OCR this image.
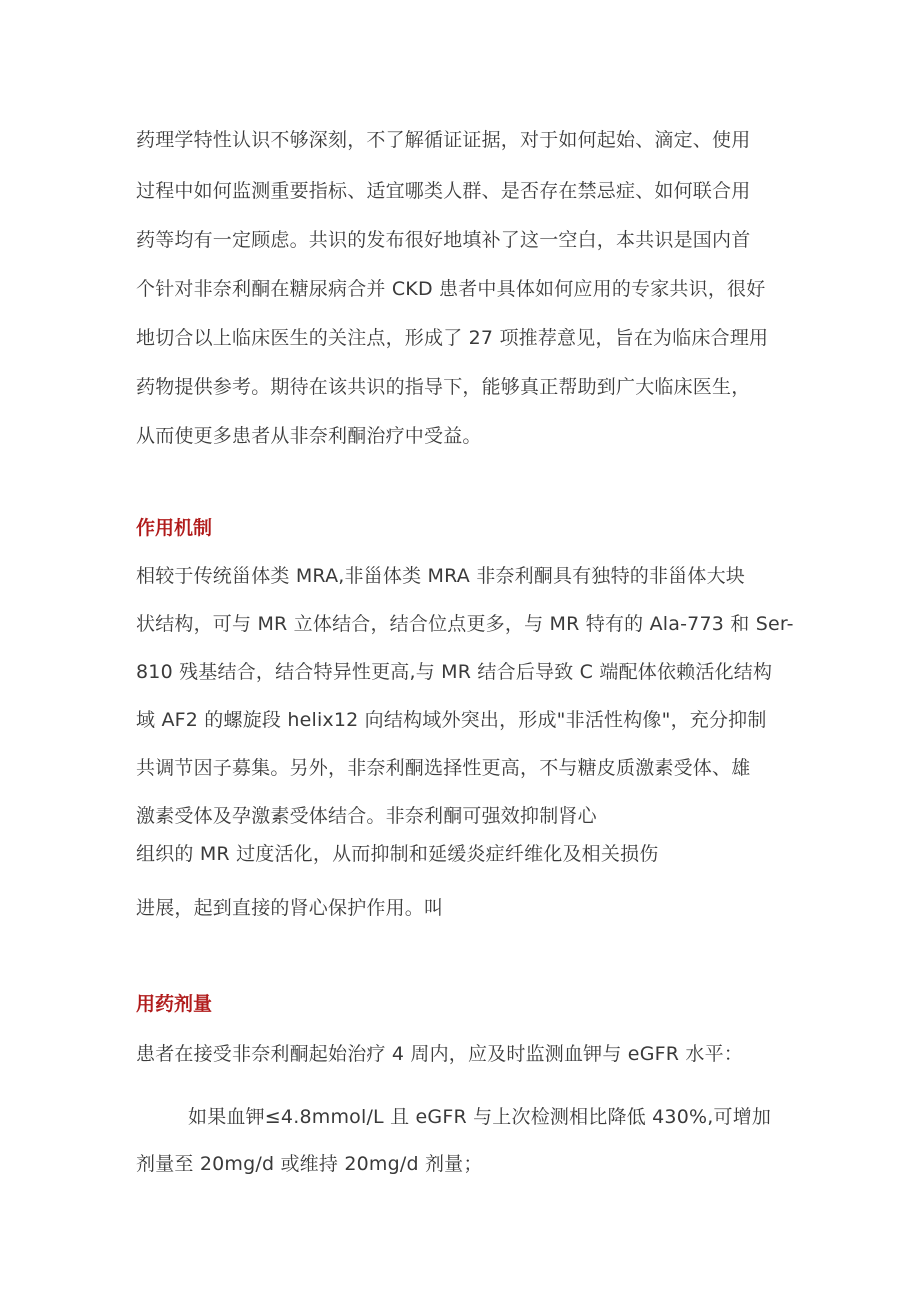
药理学特性认识不够深刻，不了解循证证据，对于如何起始、滴定、使用
过程中如何监测重要指标、适宜哪类人群、是否存在禁忌症、如何联合用
药等均有一定顾虑。共识的发布很好地填补了这一空白，本共识是国内首
个针对非奈利酮在糖尿病合并 CKD 患者中具体如何应用的专家共识，很好
地切合以上临床医生的关注点，形成了 27 项推荐意见，旨在为临床合理用
药物提供参考。期待在该共识的指导下，能够真正帮助到广大临床医生，
从而使更多患者从非奈利酮治疗中受益。
作用机制
相较于传统甾体类 MRA,非甾体类 MRA 非奈利酮具有独特的非甾体大块
状结构，可与 MR 立体结合，结合位点更多，与 MR 特有的 Ala-773 和 Ser-
810 残基结合，结合特异性更高,与 MR 结合后导致 C 端配体依赖活化结构
域 AF2 的螺旋段 helix12 向结构域外突出，形成"非活性构像"，充分抑制
共调节因子募集。另外，非奈利酮选择性更高，不与糖皮质激素受体、雄
激素受体及孕激素受体结合。非奈利酮可强效抑制肾心
组织的 MR 过度活化，从而抑制和延缓炎症纤维化及相关损伤
进展，起到直接的肾心保护作用。叫
用药剂量
患者在接受非奈利酮起始治疗 4 周内，应及时监测血钾与 eGFR 水平：
如果血钾≤4.8mmol/L 且 eGFR 与上次检测相比降低 430%,可增加
剂量至 20mg/d 或维持 20mg/d 剂量；
